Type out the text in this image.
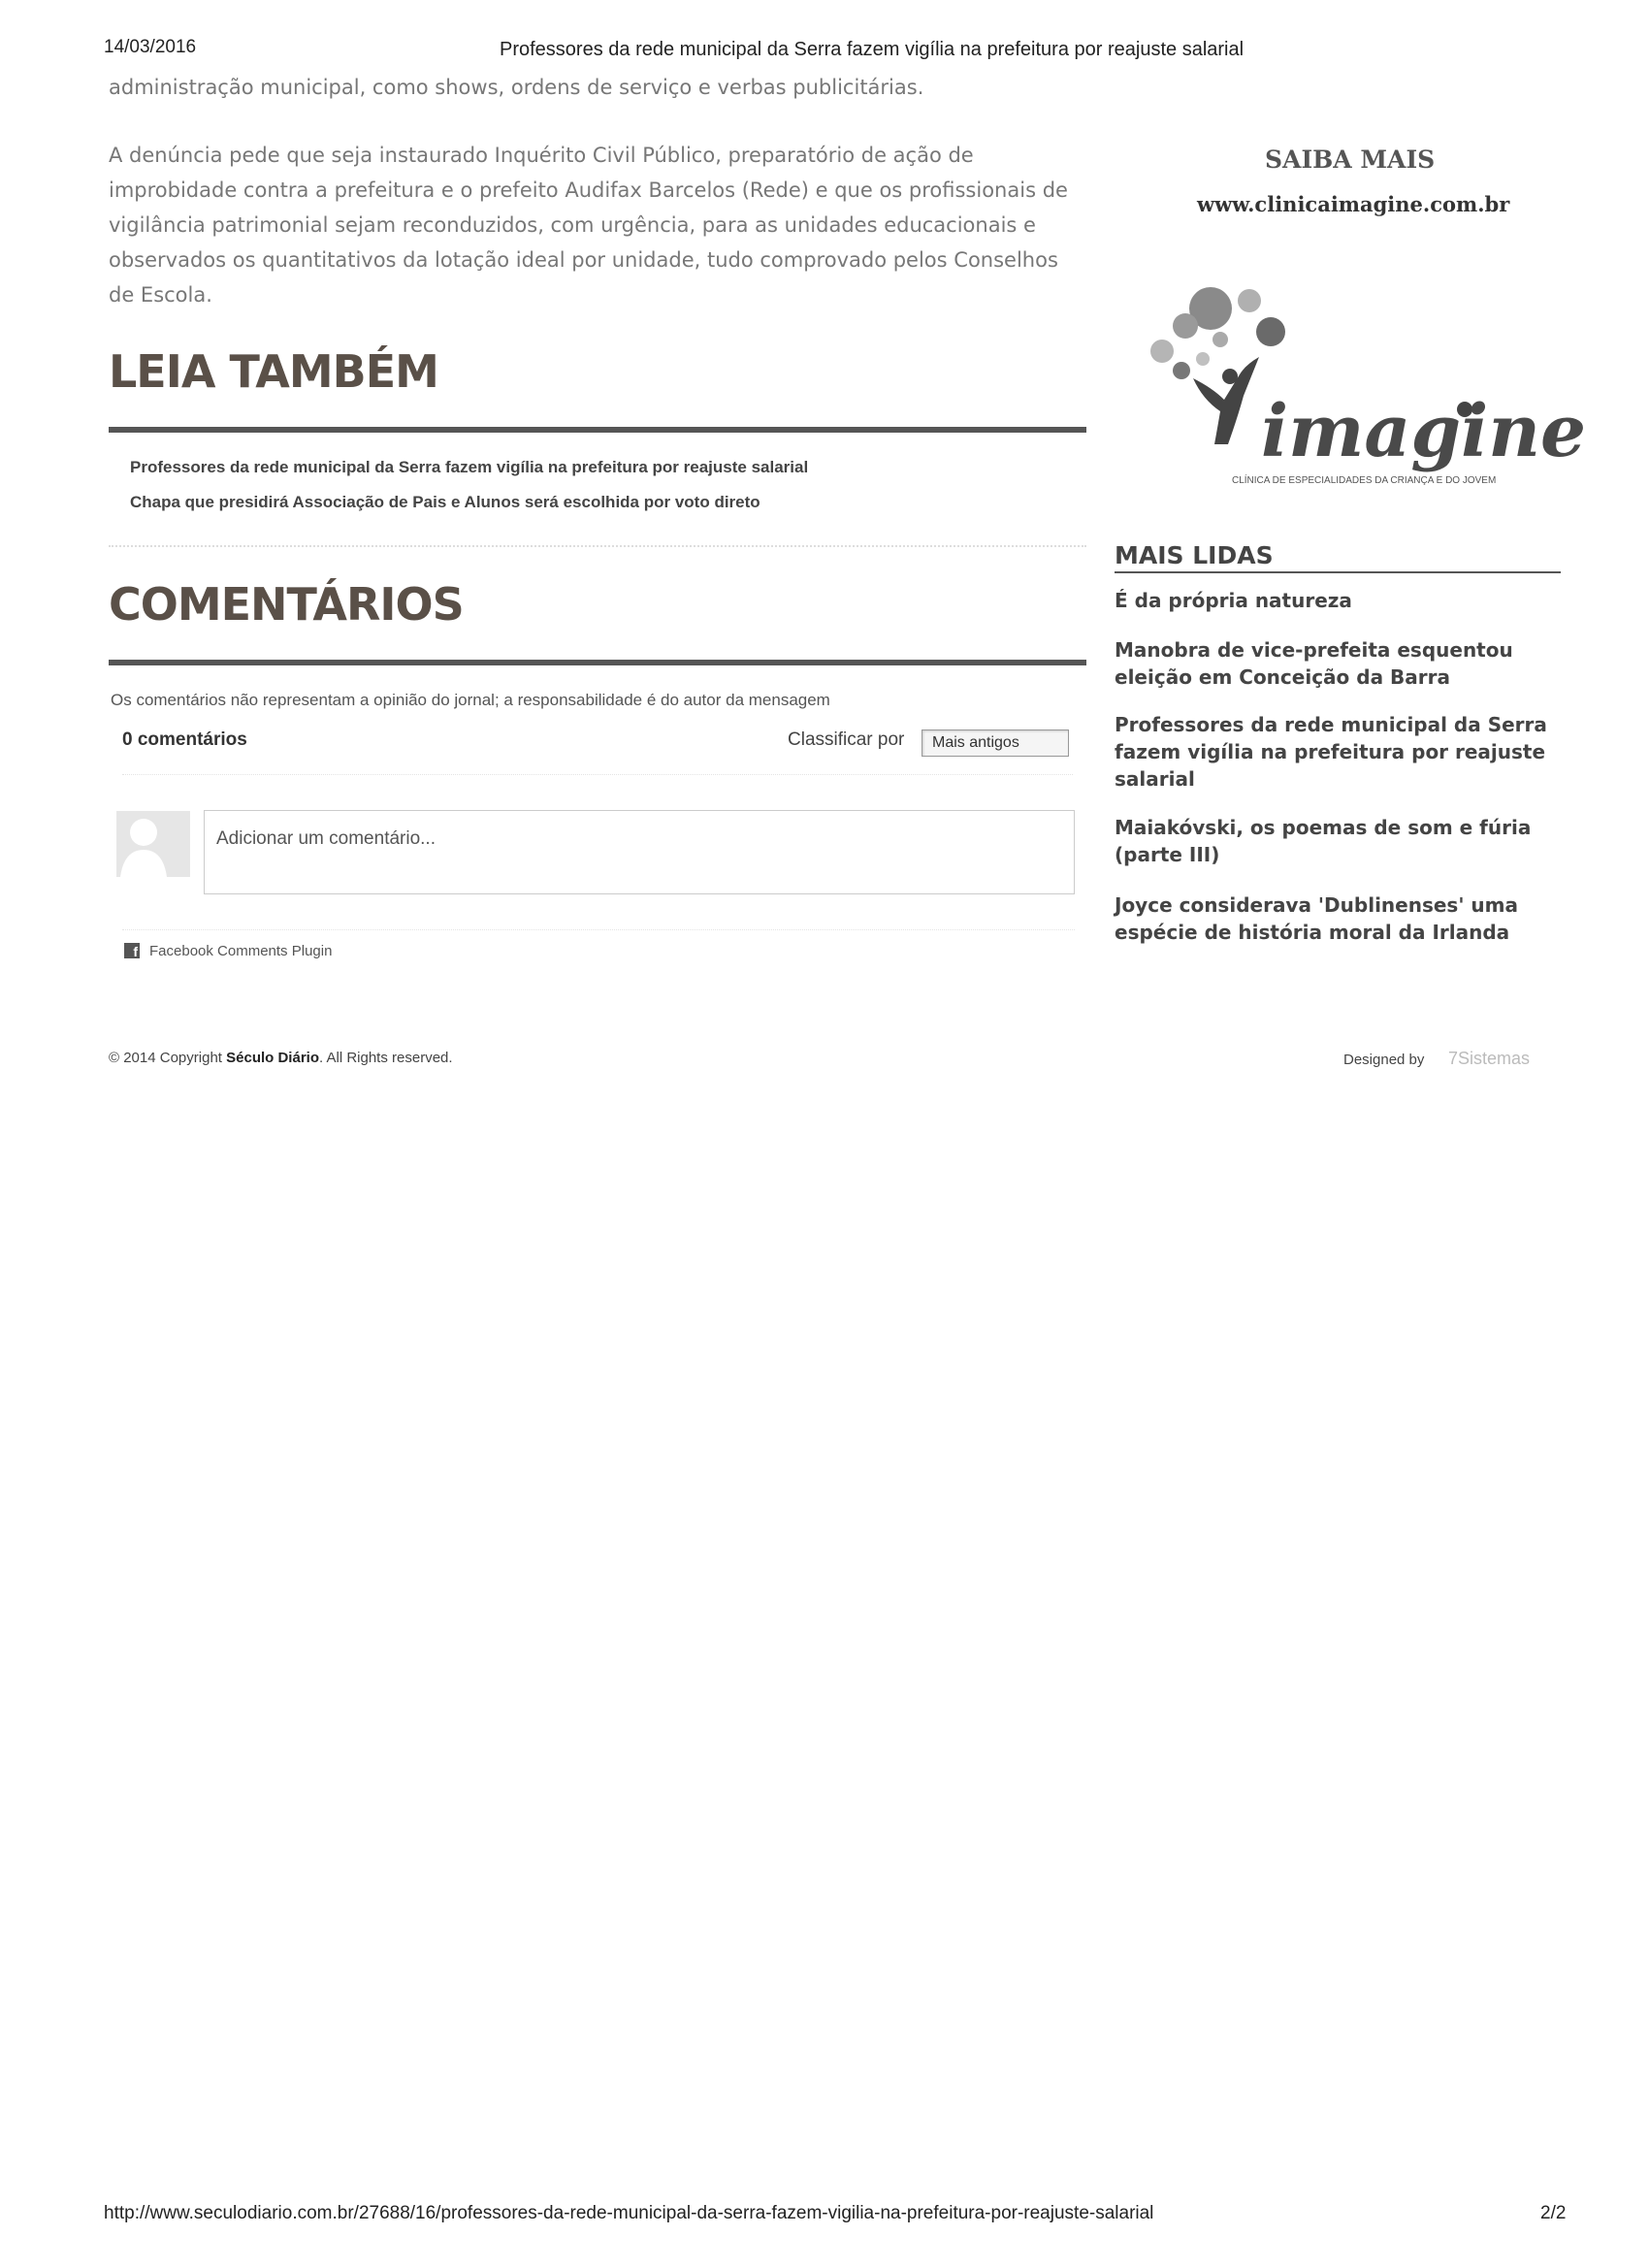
14/03/2016	Professores da rede municipal da Serra fazem vigília na prefeitura por reajuste salarial

administração municipal, como shows, ordens de serviço e verbas publicitárias.

A denúncia pede que seja instaurado Inquérito Civil Público, preparatório de ação de improbidade contra a prefeitura e o prefeito Audifax Barcelos (Rede) e que os profissionais de vigilância patrimonial sejam reconduzidos, com urgência, para as unidades educacionais e observados os quantitativos da lotação ideal por unidade, tudo comprovado pelos Conselhos de Escola.

LEIA TAMBÉM
Professores da rede municipal da Serra fazem vigília na prefeitura por reajuste salarial
Chapa que presidirá Associação de Pais e Alunos será escolhida por voto direto
COMENTÁRIOS
Os comentários não representam a opinião do jornal; a responsabilidade é do autor da mensagem
0 comentários	Classificar por	Mais antigos
Adicionar um comentário...
f Facebook Comments Plugin
SAIBA MAIS
www.clinicaimagine.com.br
imagine
CLÍNICA DE ESPECIALIDADES DA CRIANÇA E DO JOVEM
MAIS LIDAS
É da própria natureza
Manobra de vice-prefeita esquentou eleição em Conceição da Barra
Professores da rede municipal da Serra fazem vigília na prefeitura por reajuste salarial
Maiakóvski, os poemas de som e fúria (parte III)
Joyce considerava 'Dublinenses' uma espécie de história moral da Irlanda
© 2014 Copyright Século Diário. All Rights reserved.	Designed by 7Sistemas
http://www.seculodiario.com.br/27688/16/professores-da-rede-municipal-da-serra-fazem-vigilia-na-prefeitura-por-reajuste-salarial	2/2
